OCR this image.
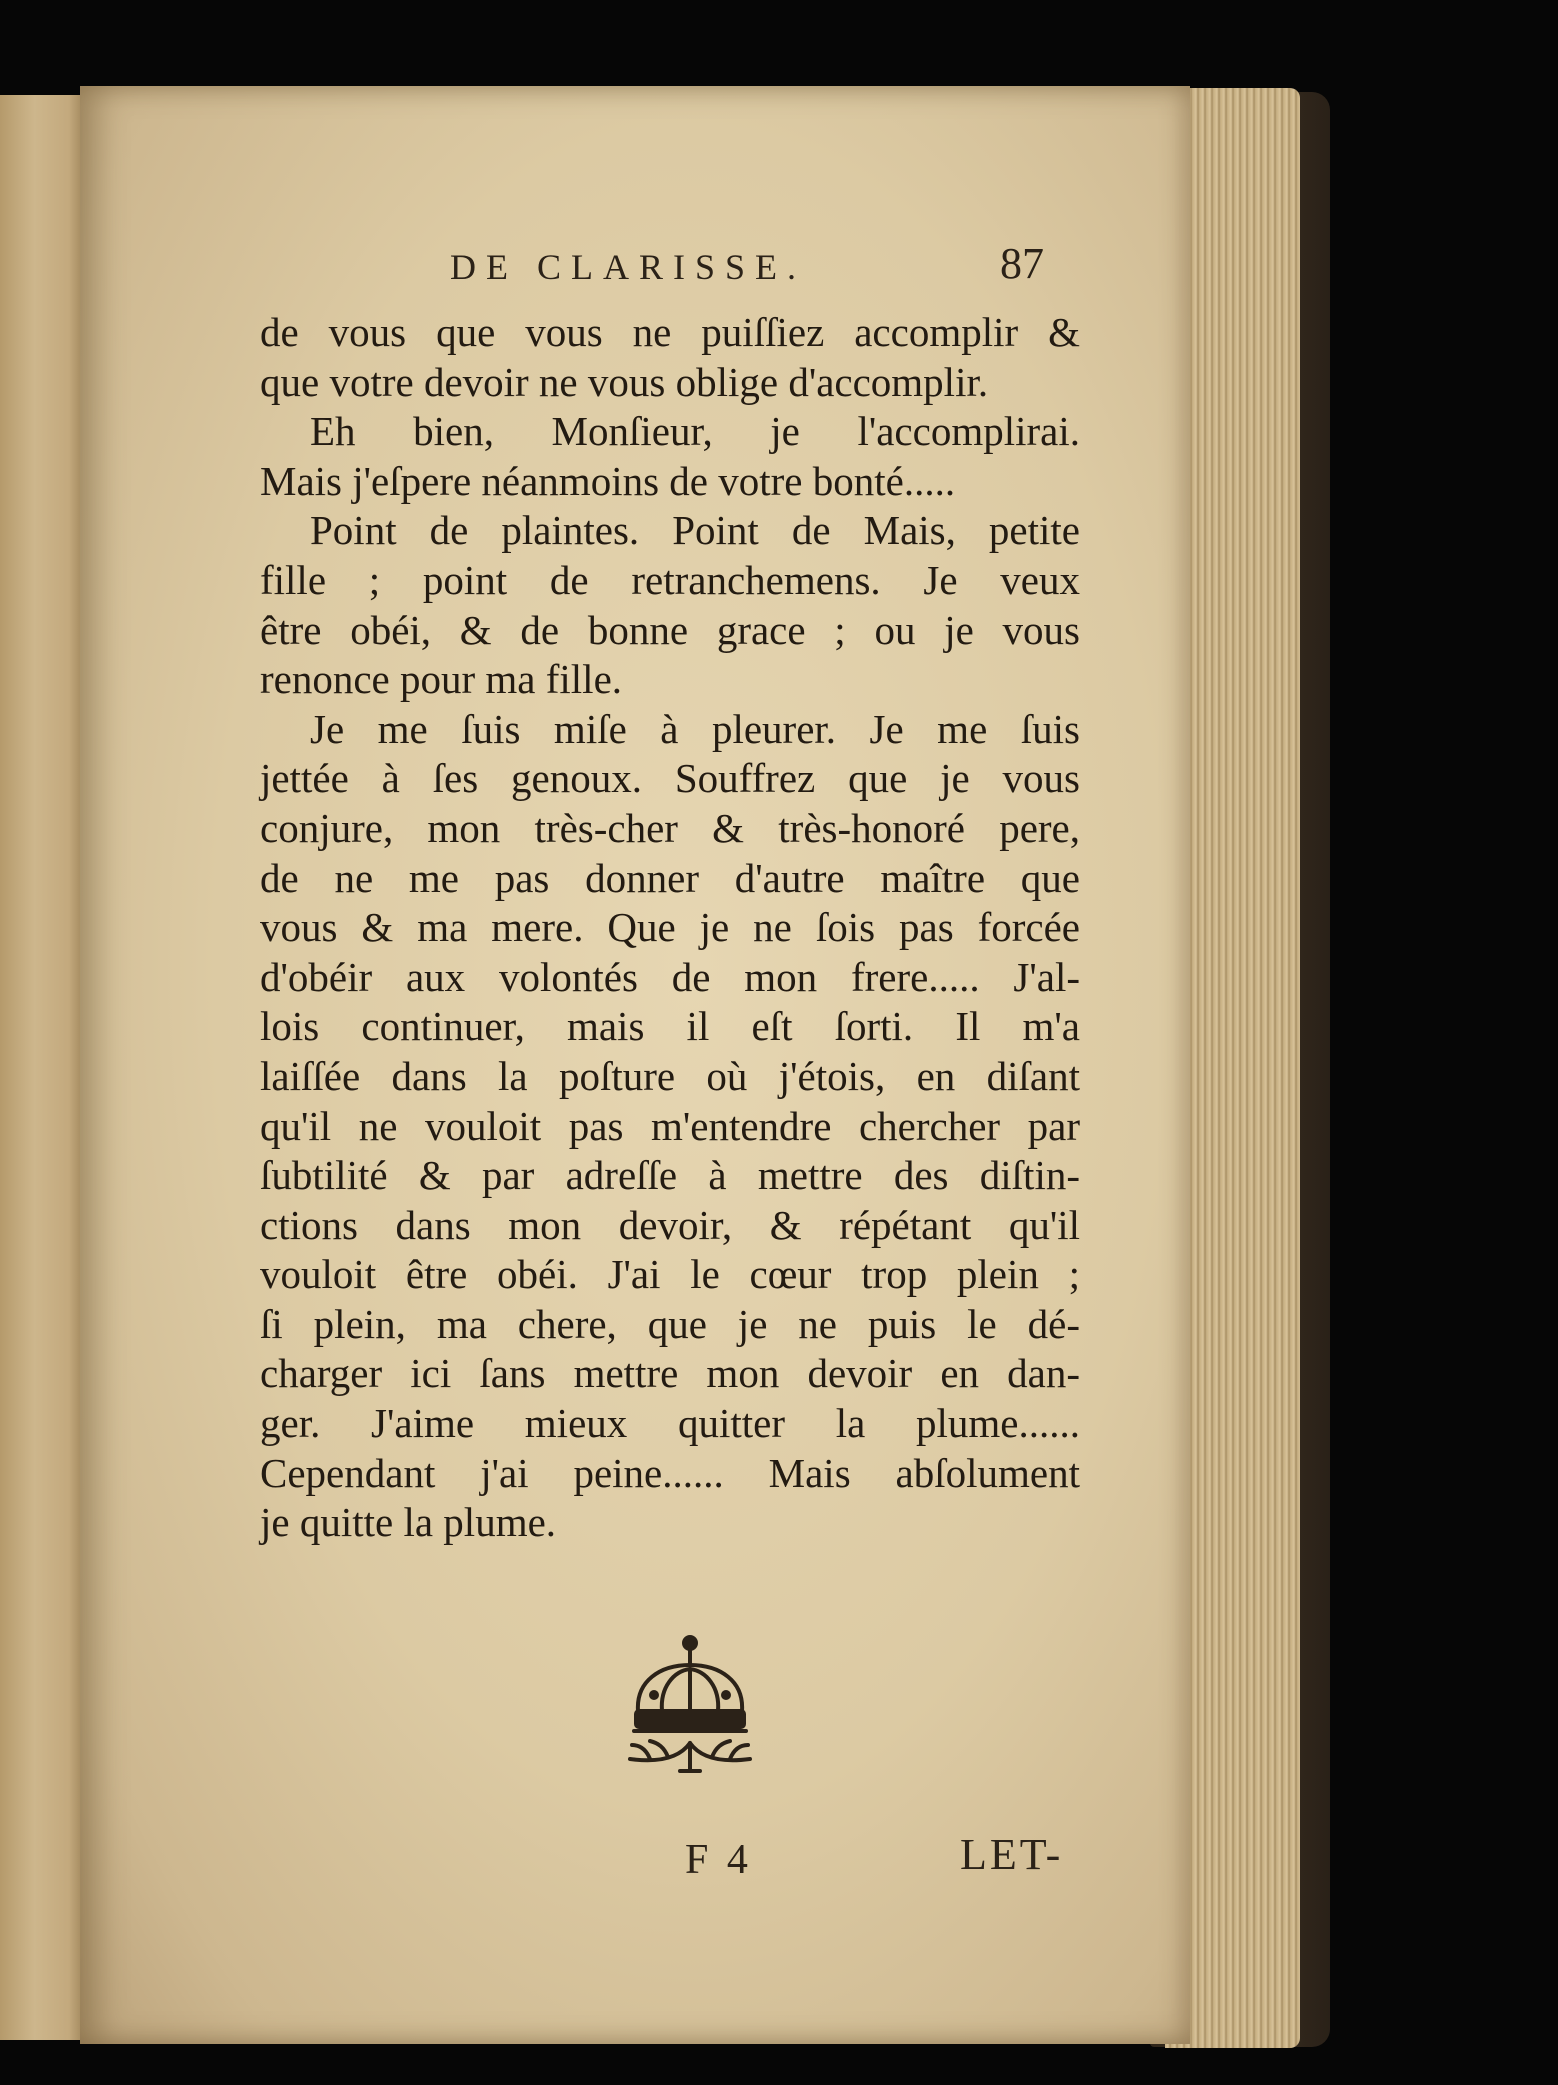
DE CLARISSE.	87
de vous que vous ne puiſſiez accomplir &
que votre devoir ne vous oblige d'accomplir.
Eh bien, Monſieur, je l'accomplirai.
Mais j'eſpere néanmoins de votre bonté.....
Point de plaintes. Point de Mais, petite
fille ; point de retranchemens. Je veux
être obéi, & de bonne grace ; ou je vous
renonce pour ma fille.
Je me ſuis miſe à pleurer. Je me ſuis
jettée à ſes genoux. Souffrez que je vous
conjure, mon très-cher & très-honoré pere,
de ne me pas donner d'autre maître que
vous & ma mere. Que je ne ſois pas forcée
d'obéir aux volontés de mon frere..... J'al-
lois continuer, mais il eſt ſorti. Il m'a
laiſſée dans la poſture où j'étois, en diſant
qu'il ne vouloit pas m'entendre chercher par
ſubtilité & par adreſſe à mettre des diſtin-
ctions dans mon devoir, & répétant qu'il
vouloit être obéi. J'ai le cœur trop plein ;
ſi plein, ma chere, que je ne puis le dé-
charger ici ſans mettre mon devoir en dan-
ger. J'aime mieux quitter la plume......
Cependant j'ai peine...... Mais abſolument
je quitte la plume.
F 4	LET-
